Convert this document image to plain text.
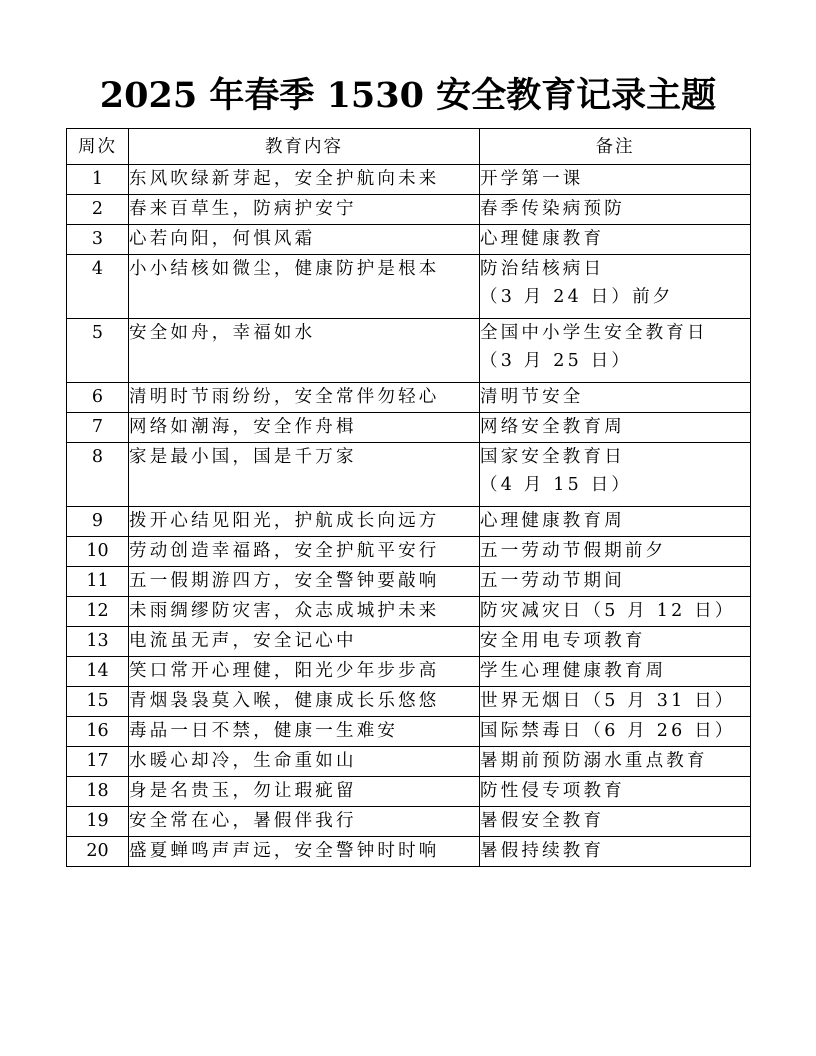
2025 年春季 1530 安全教育记录主题
周次	教育内容	备注
1	东风吹绿新芽起，安全护航向未来	开学第一课

2	春来百草生，防病护安宁	春季传染病预防

3	心若向阳，何惧风霜	心理健康教育

4	小小结核如微尘，健康防护是根本	防治结核病日
（3 月 24 日）前夕

5	安全如舟，幸福如水	全国中小学生安全教育日
（3 月 25 日）

6	清明时节雨纷纷，安全常伴勿轻心	清明节安全

7	网络如潮海，安全作舟楫	网络安全教育周

8	家是最小国，国是千万家	国家安全教育日
（4 月 15 日）

9	拨开心结见阳光，护航成长向远方	心理健康教育周

10	劳动创造幸福路，安全护航平安行	五一劳动节假期前夕

11	五一假期游四方，安全警钟要敲响	五一劳动节期间

12	未雨绸缪防灾害，众志成城护未来	防灾减灾日（5 月 12 日）

13	电流虽无声，安全记心中	安全用电专项教育

14	笑口常开心理健，阳光少年步步高	学生心理健康教育周

15	青烟袅袅莫入喉，健康成长乐悠悠	世界无烟日（5 月 31 日）

16	毒品一日不禁，健康一生难安	国际禁毒日（6 月 26 日）

17	水暖心却冷，生命重如山	暑期前预防溺水重点教育

18	身是名贵玉，勿让瑕疵留	防性侵专项教育

19	安全常在心，暑假伴我行	暑假安全教育

20	盛夏蝉鸣声声远，安全警钟时时响	暑假持续教育
